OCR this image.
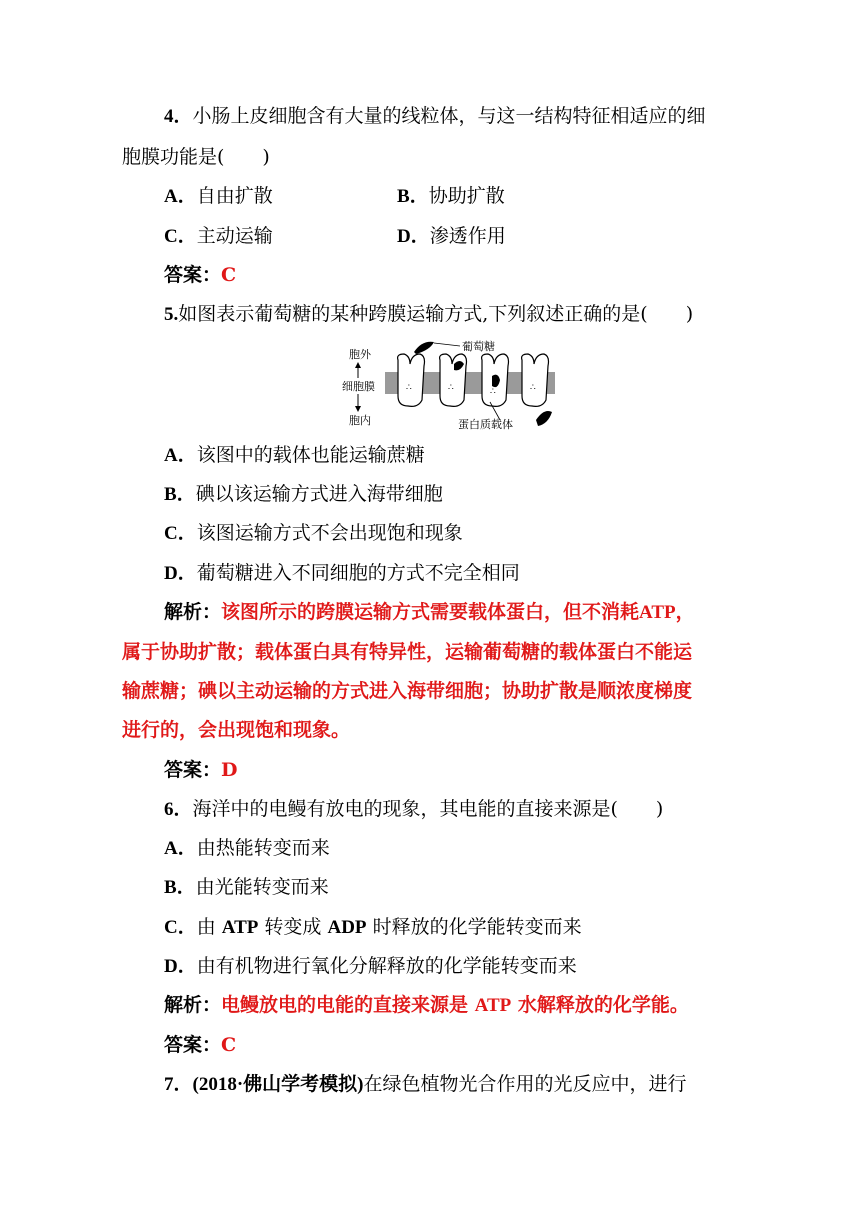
4．小肠上皮细胞含有大量的线粒体，与这一结构特征相适应的细
胞膜功能是(　　)
A．自由扩散	B．协助扩散
C．主动运输	D．渗透作用
答案：C
5.如图表示葡萄糖的某种跨膜运输方式,下列叙述正确的是(　　)
胞外
细胞膜
胞内
∴	∴	∴	∴
葡萄糖
蛋白质载体
A．该图中的载体也能运输蔗糖
B．碘以该运输方式进入海带细胞
C．该图运输方式不会出现饱和现象
D．葡萄糖进入不同细胞的方式不完全相同
解析：该图所示的跨膜运输方式需要载体蛋白，但不消耗ATP，
属于协助扩散；载体蛋白具有特异性，运输葡萄糖的载体蛋白不能运
输蔗糖；碘以主动运输的方式进入海带细胞；协助扩散是顺浓度梯度
进行的，会出现饱和现象。
答案：D
6．海洋中的电鳗有放电的现象，其电能的直接来源是(　　)
A．由热能转变而来
B．由光能转变而来
C．由 ATP 转变成 ADP 时释放的化学能转变而来
D．由有机物进行氧化分解释放的化学能转变而来
解析：电鳗放电的电能的直接来源是 ATP 水解释放的化学能。
答案：C
7．(2018·佛山学考模拟)在绿色植物光合作用的光反应中，进行
